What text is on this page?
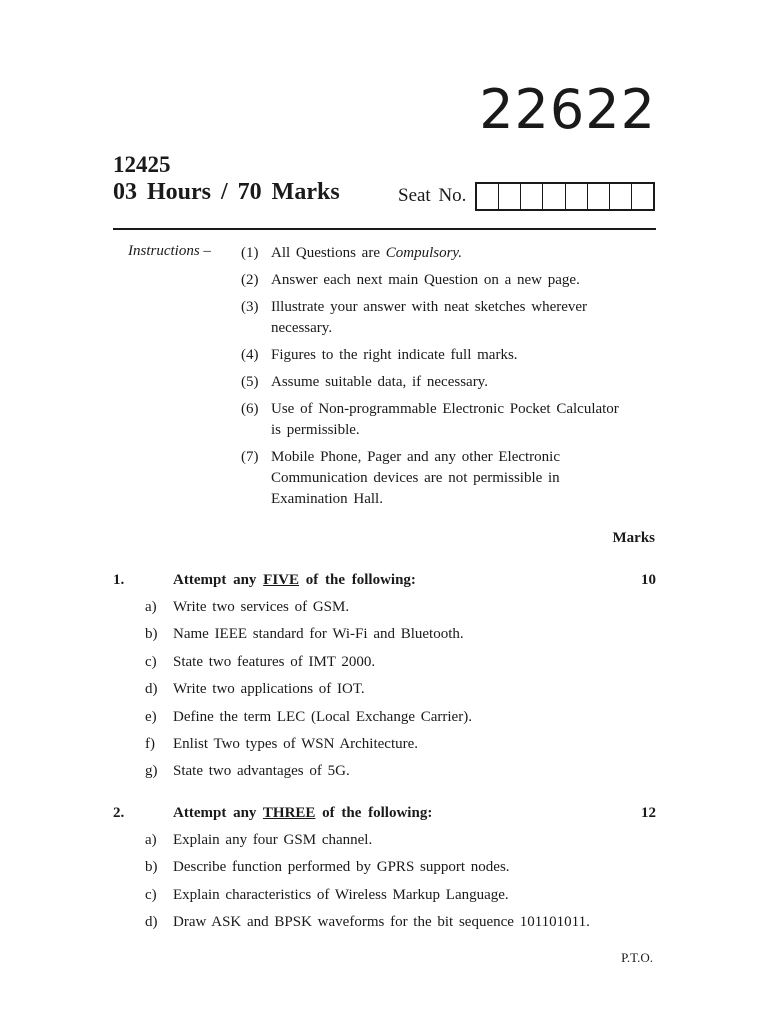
22622
12425
03 Hours / 70 Marks	Seat No.
Instructions – (1) All Questions are Compulsory.
(2) Answer each next main Question on a new page.
(3) Illustrate your answer with neat sketches wherever necessary.
(4) Figures to the right indicate full marks.
(5) Assume suitable data, if necessary.
(6) Use of Non-programmable Electronic Pocket Calculator is permissible.
(7) Mobile Phone, Pager and any other Electronic Communication devices are not permissible in Examination Hall.
Marks
1.	Attempt any FIVE of the following:	10
a) Write two services of GSM.
b) Name IEEE standard for Wi-Fi and Bluetooth.
c) State two features of IMT 2000.
d) Write two applications of IOT.
e) Define the term LEC (Local Exchange Carrier).
f) Enlist Two types of WSN Architecture.
g) State two advantages of 5G.
2.	Attempt any THREE of the following:	12
a) Explain any four GSM channel.
b) Describe function performed by GPRS support nodes.
c) Explain characteristics of Wireless Markup Language.
d) Draw ASK and BPSK waveforms for the bit sequence 101101011.
P.T.O.
